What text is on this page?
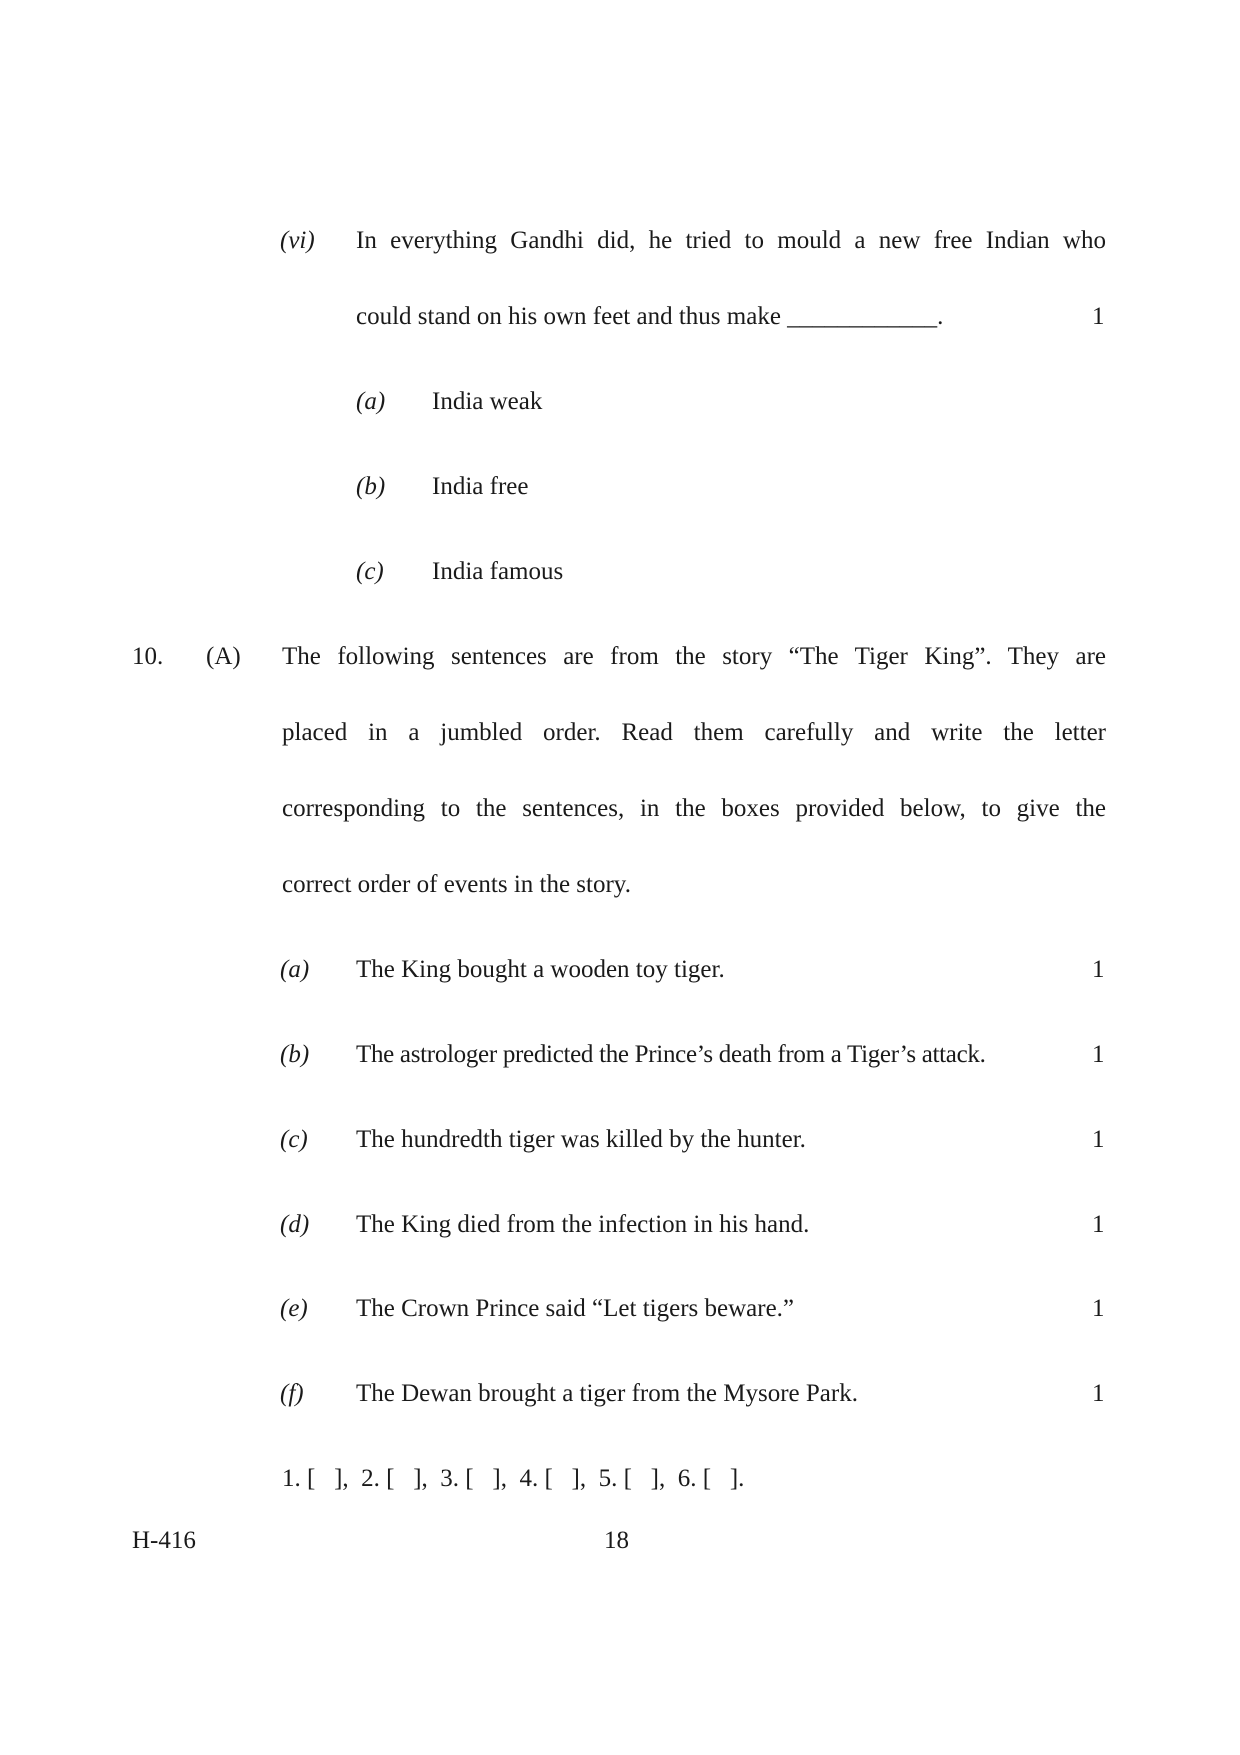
(vi) In everything Gandhi did, he tried to mould a new free Indian who
could stand on his own feet and thus make ____________.	1
(a) India weak
(b) India free
(c) India famous
10. (A) The following sentences are from the story “The Tiger King”. They are
placed in a jumbled order. Read them carefully and write the letter
corresponding to the sentences, in the boxes provided below, to give the
correct order of events in the story.
(a) The King bought a wooden toy tiger.	1
(b) The astrologer predicted the Prince’s death from a Tiger’s attack.	1
(c) The hundredth tiger was killed by the hunter.	1
(d) The King died from the infection in his hand.	1
(e) The Crown Prince said “Let tigers beware.”	1
(f) The Dewan brought a tiger from the Mysore Park.	1
1. [   ],  2. [   ],  3. [   ],  4. [   ],  5. [   ],  6. [   ].
H-416	18
